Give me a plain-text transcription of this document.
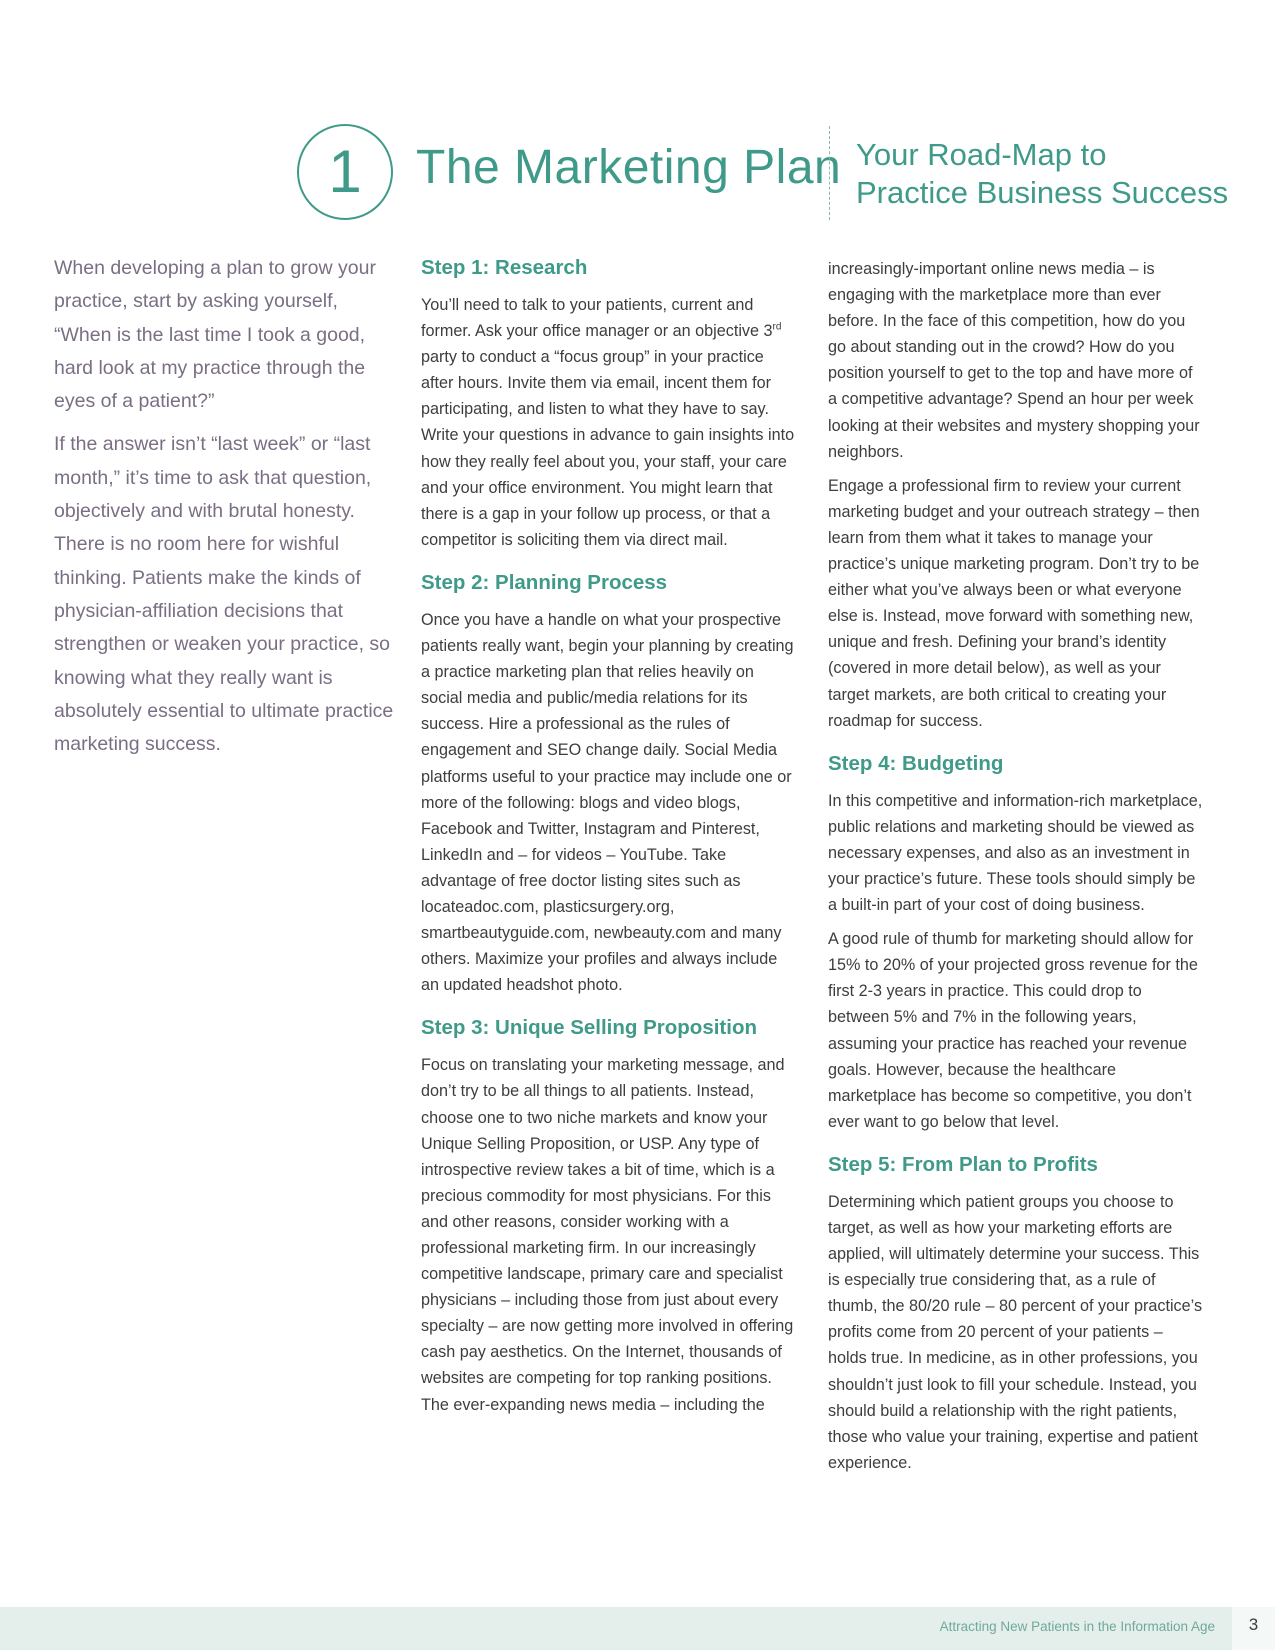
1 The Marketing Plan Your Road-Map to
Practice Business Success

When developing a plan to grow your practice, start by asking yourself, “When is the last time I took a good, hard look at my practice through the eyes of a patient?”

If the answer isn’t “last week” or “last month,” it’s time to ask that question, objectively and with brutal honesty. There is no room here for wishful thinking. Patients make the kinds of physician-affiliation decisions that strengthen or weaken your practice, so knowing what they really want is absolutely essential to ultimate practice marketing success.

Step 1: Research

You’ll need to talk to your patients, current and former. Ask your office manager or an objective 3rd party to conduct a “focus group” in your practice after hours. Invite them via email, incent them for participating, and listen to what they have to say. Write your questions in advance to gain insights into how they really feel about you, your staff, your care and your office environment. You might learn that there is a gap in your follow up process, or that a competitor is soliciting them via direct mail.

Step 2: Planning Process

Once you have a handle on what your prospective patients really want, begin your planning by creating a practice marketing plan that relies heavily on social media and public/media relations for its success. Hire a professional as the rules of engagement and SEO change daily. Social Media platforms useful to your practice may include one or more of the following: blogs and video blogs, Facebook and Twitter, Instagram and Pinterest, LinkedIn and – for videos – YouTube. Take advantage of free doctor listing sites such as locateadoc.com, plasticsurgery.org, smartbeautyguide.com, newbeauty.com and many others. Maximize your profiles and always include an updated headshot photo.

Step 3: Unique Selling Proposition

Focus on translating your marketing message, and don’t try to be all things to all patients. Instead, choose one to two niche markets and know your Unique Selling Proposition, or USP. Any type of introspective review takes a bit of time, which is a precious commodity for most physicians. For this and other reasons, consider working with a professional marketing firm. In our increasingly competitive landscape, primary care and specialist physicians – including those from just about every specialty – are now getting more involved in offering cash pay aesthetics. On the Internet, thousands of websites are competing for top ranking positions. The ever-expanding news media – including the

increasingly-important online news media – is engaging with the marketplace more than ever before. In the face of this competition, how do you go about standing out in the crowd? How do you position yourself to get to the top and have more of a competitive advantage? Spend an hour per week looking at their websites and mystery shopping your neighbors.

Engage a professional firm to review your current marketing budget and your outreach strategy – then learn from them what it takes to manage your practice’s unique marketing program. Don’t try to be either what you’ve always been or what everyone else is. Instead, move forward with something new, unique and fresh. Defining your brand’s identity (covered in more detail below), as well as your target markets, are both critical to creating your roadmap for success.

Step 4: Budgeting

In this competitive and information-rich marketplace, public relations and marketing should be viewed as necessary expenses, and also as an investment in your practice’s future. These tools should simply be a built-in part of your cost of doing business.

A good rule of thumb for marketing should allow for 15% to 20% of your projected gross revenue for the first 2-3 years in practice. This could drop to between 5% and 7% in the following years, assuming your practice has reached your revenue goals. However, because the healthcare marketplace has become so competitive, you don’t ever want to go below that level.

Step 5: From Plan to Profits

Determining which patient groups you choose to target, as well as how your marketing efforts are applied, will ultimately determine your success. This is especially true considering that, as a rule of thumb, the 80/20 rule – 80 percent of your practice’s profits come from 20 percent of your patients – holds true. In medicine, as in other professions, you shouldn’t just look to fill your schedule. Instead, you should build a relationship with the right patients, those who value your training, expertise and patient experience.

Attracting New Patients in the Information Age	3
